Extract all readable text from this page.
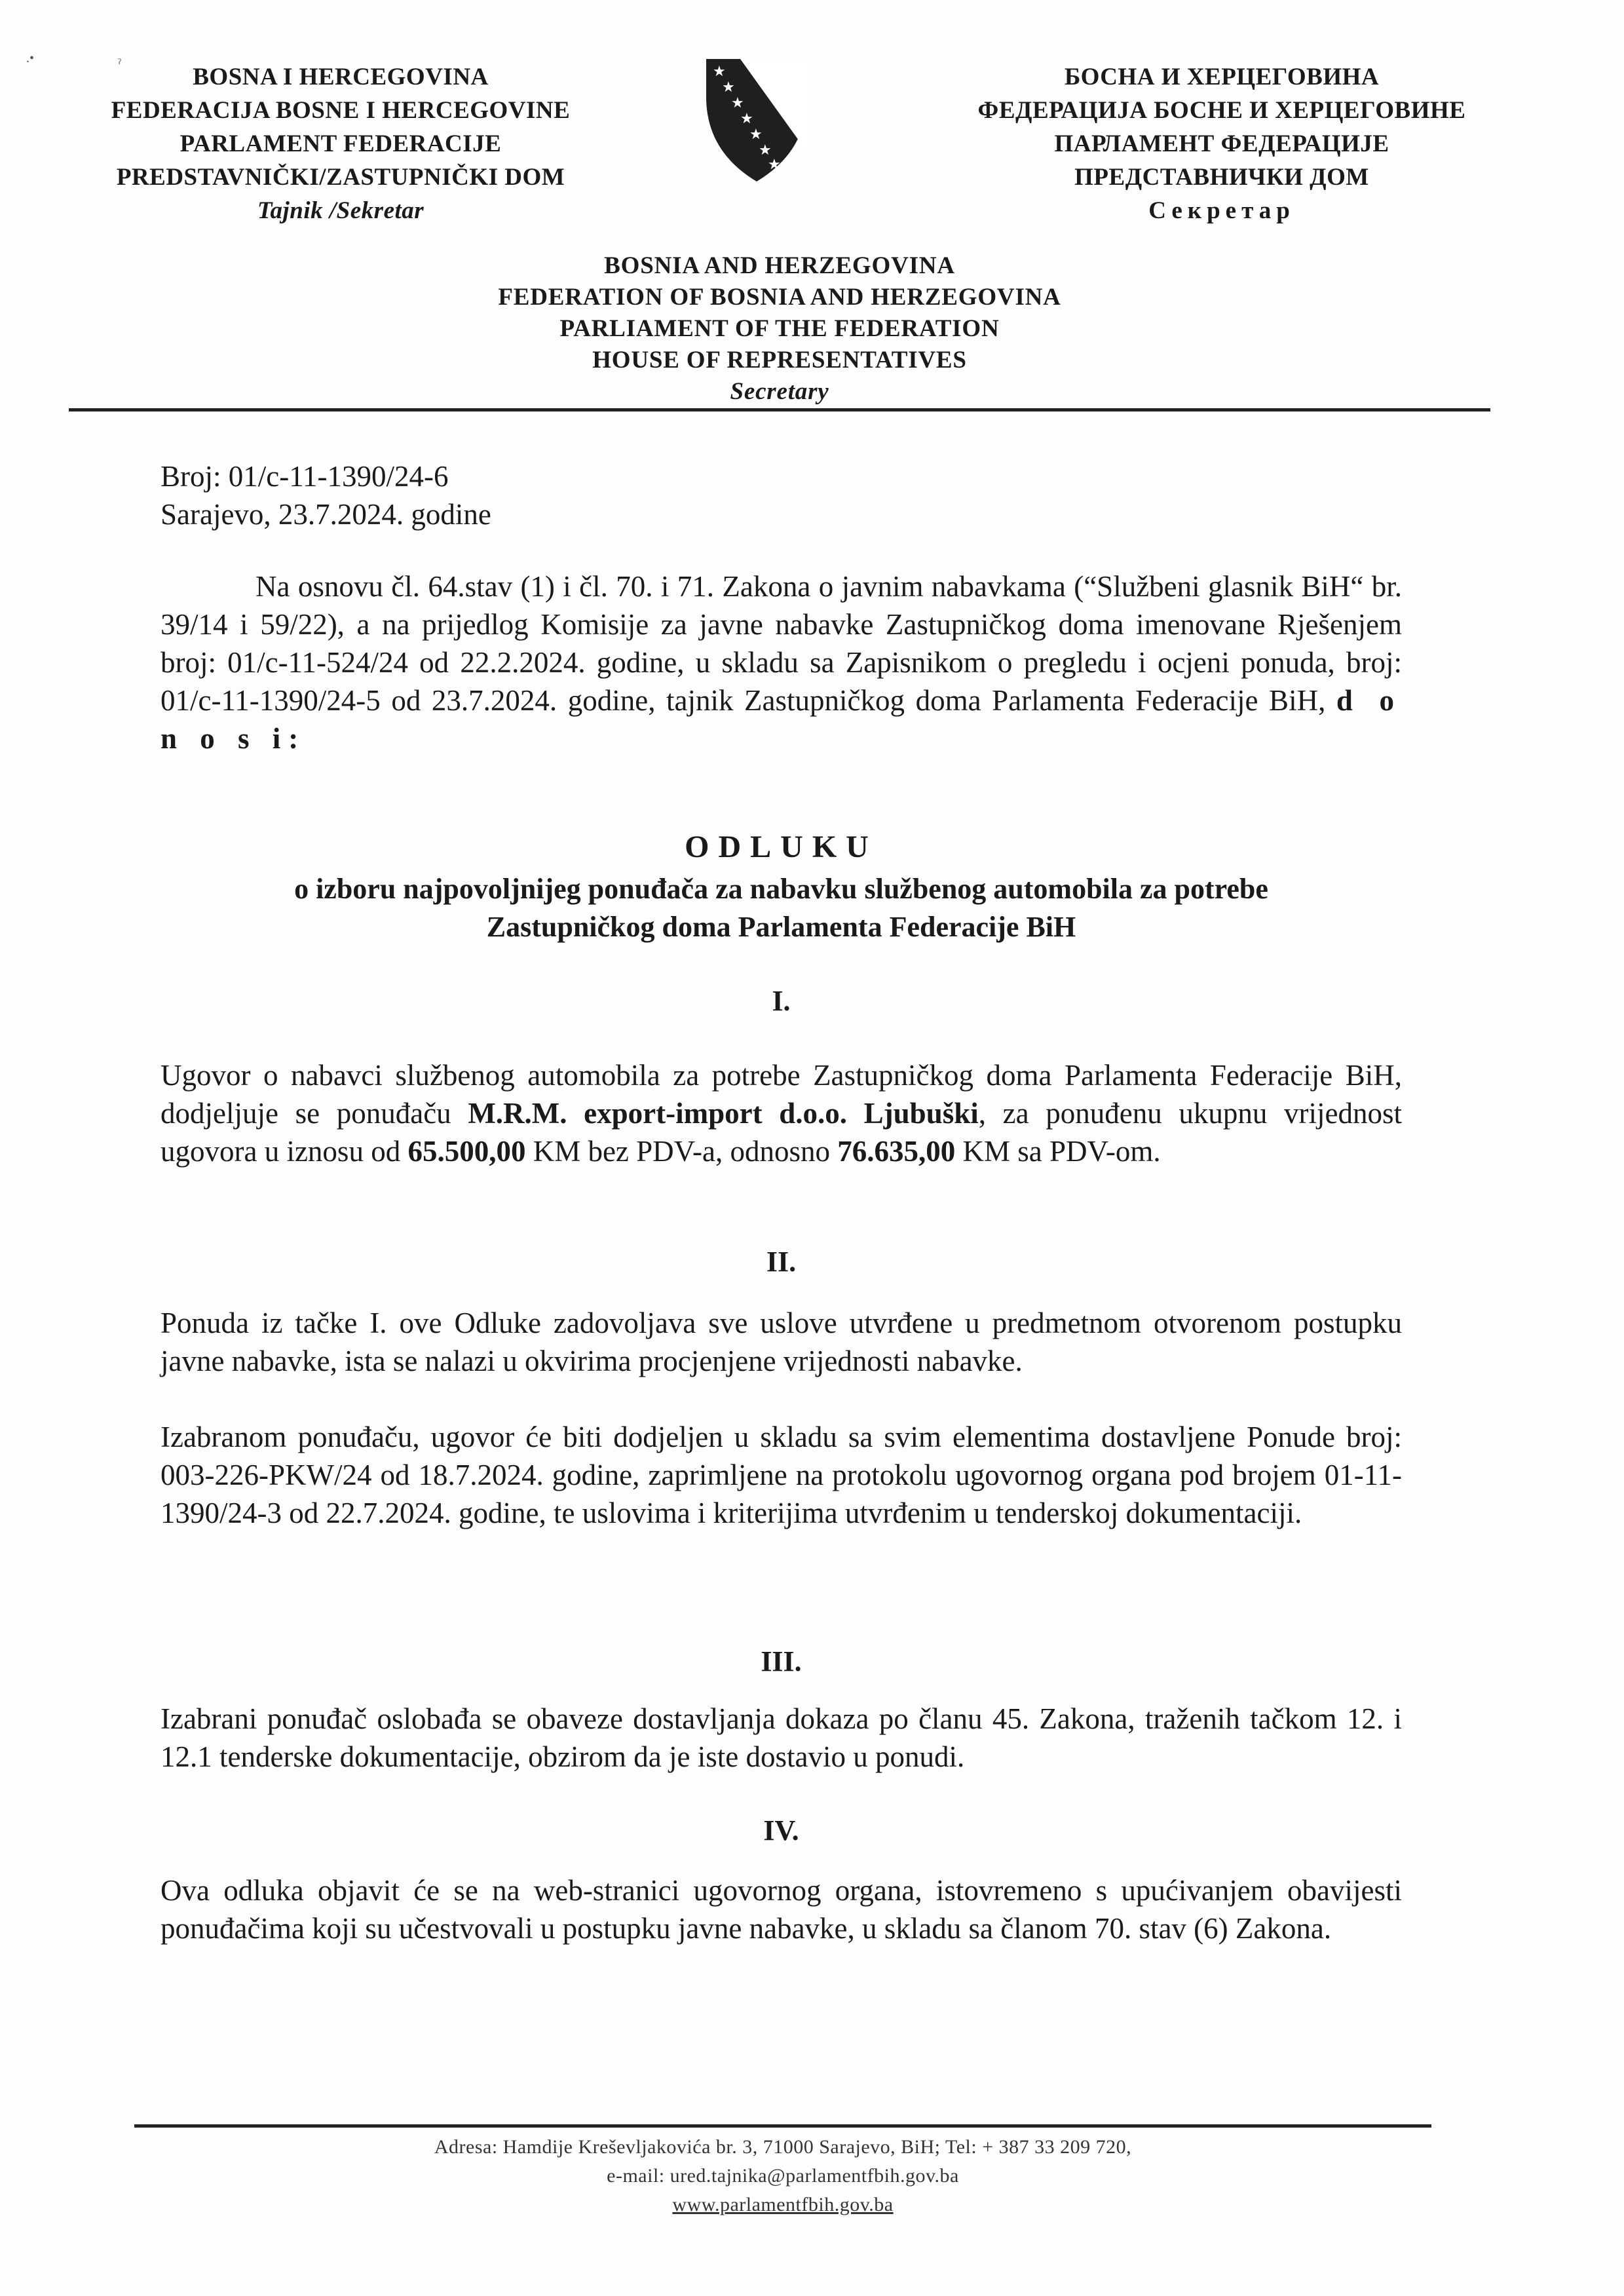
.•	ˀ	BOSNA I HERCEGOVINA
FEDERACIJA BOSNE I HERCEGOVINE
PARLAMENT FEDERACIJE
PREDSTAVNIČKI/ZASTUPNIČKI DOM
Tajnik /Sekretar
★
★
★
★
★
★
★
БОСНА И ХЕРЦЕГОВИНА
ФЕДЕРАЦИЈА БОСНЕ И ХЕРЦЕГОВИНЕ
ПАРЛАМЕНТ ФЕДЕРАЦИЈЕ
ПРЕДСТАВНИЧКИ ДОМ
Секретар
BOSNIA AND HERZEGOVINA
FEDERATION OF BOSNIA AND HERZEGOVINA
PARLIAMENT OF THE FEDERATION
HOUSE OF REPRESENTATIVES
Secretary
Broj: 01/c-11-1390/24-6
Sarajevo, 23.7.2024. godine
Na osnovu čl. 64.stav (1) i čl. 70. i 71. Zakona o javnim nabavkama (“Službeni glasnik BiH“ br. 39/14 i 59/22), a na prijedlog Komisije za javne nabavke Zastupničkog doma imenovane Rješenjem broj: 01/c-11-524/24 od 22.2.2024. godine, u skladu sa Zapisnikom o pregledu i ocjeni ponuda, broj: 01/c-11-1390/24-5 od 23.7.2024. godine, tajnik Zastupničkog doma Parlamenta Federacije BiH, d o n o s i:
ODLUKU
o izboru najpovoljnijeg ponuđača za nabavku službenog automobila za potrebe
Zastupničkog doma Parlamenta Federacije BiH
I.
Ugovor o nabavci službenog automobila za potrebe Zastupničkog doma Parlamenta Federacije BiH, dodjeljuje se ponuđaču M.R.M. export-import d.o.o. Ljubuški, za ponuđenu ukupnu vrijednost ugovora u iznosu od 65.500,00 KM bez PDV-a, odnosno 76.635,00 KM sa PDV-om.
II.
Ponuda iz tačke I. ove Odluke zadovoljava sve uslove utvrđene u predmetnom otvorenom postupku javne nabavke, ista se nalazi u okvirima procjenjene vrijednosti nabavke.
Izabranom ponuđaču, ugovor će biti dodjeljen u skladu sa svim elementima dostavljene Ponude broj: 003-226-PKW/24 od 18.7.2024. godine, zaprimljene na protokolu ugovornog organa pod brojem 01-11-1390/24-3 od 22.7.2024. godine, te uslovima i kriterijima utvrđenim u tenderskoj dokumentaciji.
III.
Izabrani ponuđač oslobađa se obaveze dostavljanja dokaza po članu 45. Zakona, traženih tačkom 12. i 12.1 tenderske dokumentacije, obzirom da je iste dostavio u ponudi.
IV.
Ova odluka objavit će se na web-stranici ugovornog organa, istovremeno s upućivanjem obavijesti ponuđačima koji su učestvovali u postupku javne nabavke, u skladu sa članom 70. stav (6) Zakona.
Adresa: Hamdije Kreševljakovića br. 3, 71000 Sarajevo, BiH; Tel: + 387 33 209 720,
e-mail: ured.tajnika@parlamentfbih.gov.ba
www.parlamentfbih.gov.ba
